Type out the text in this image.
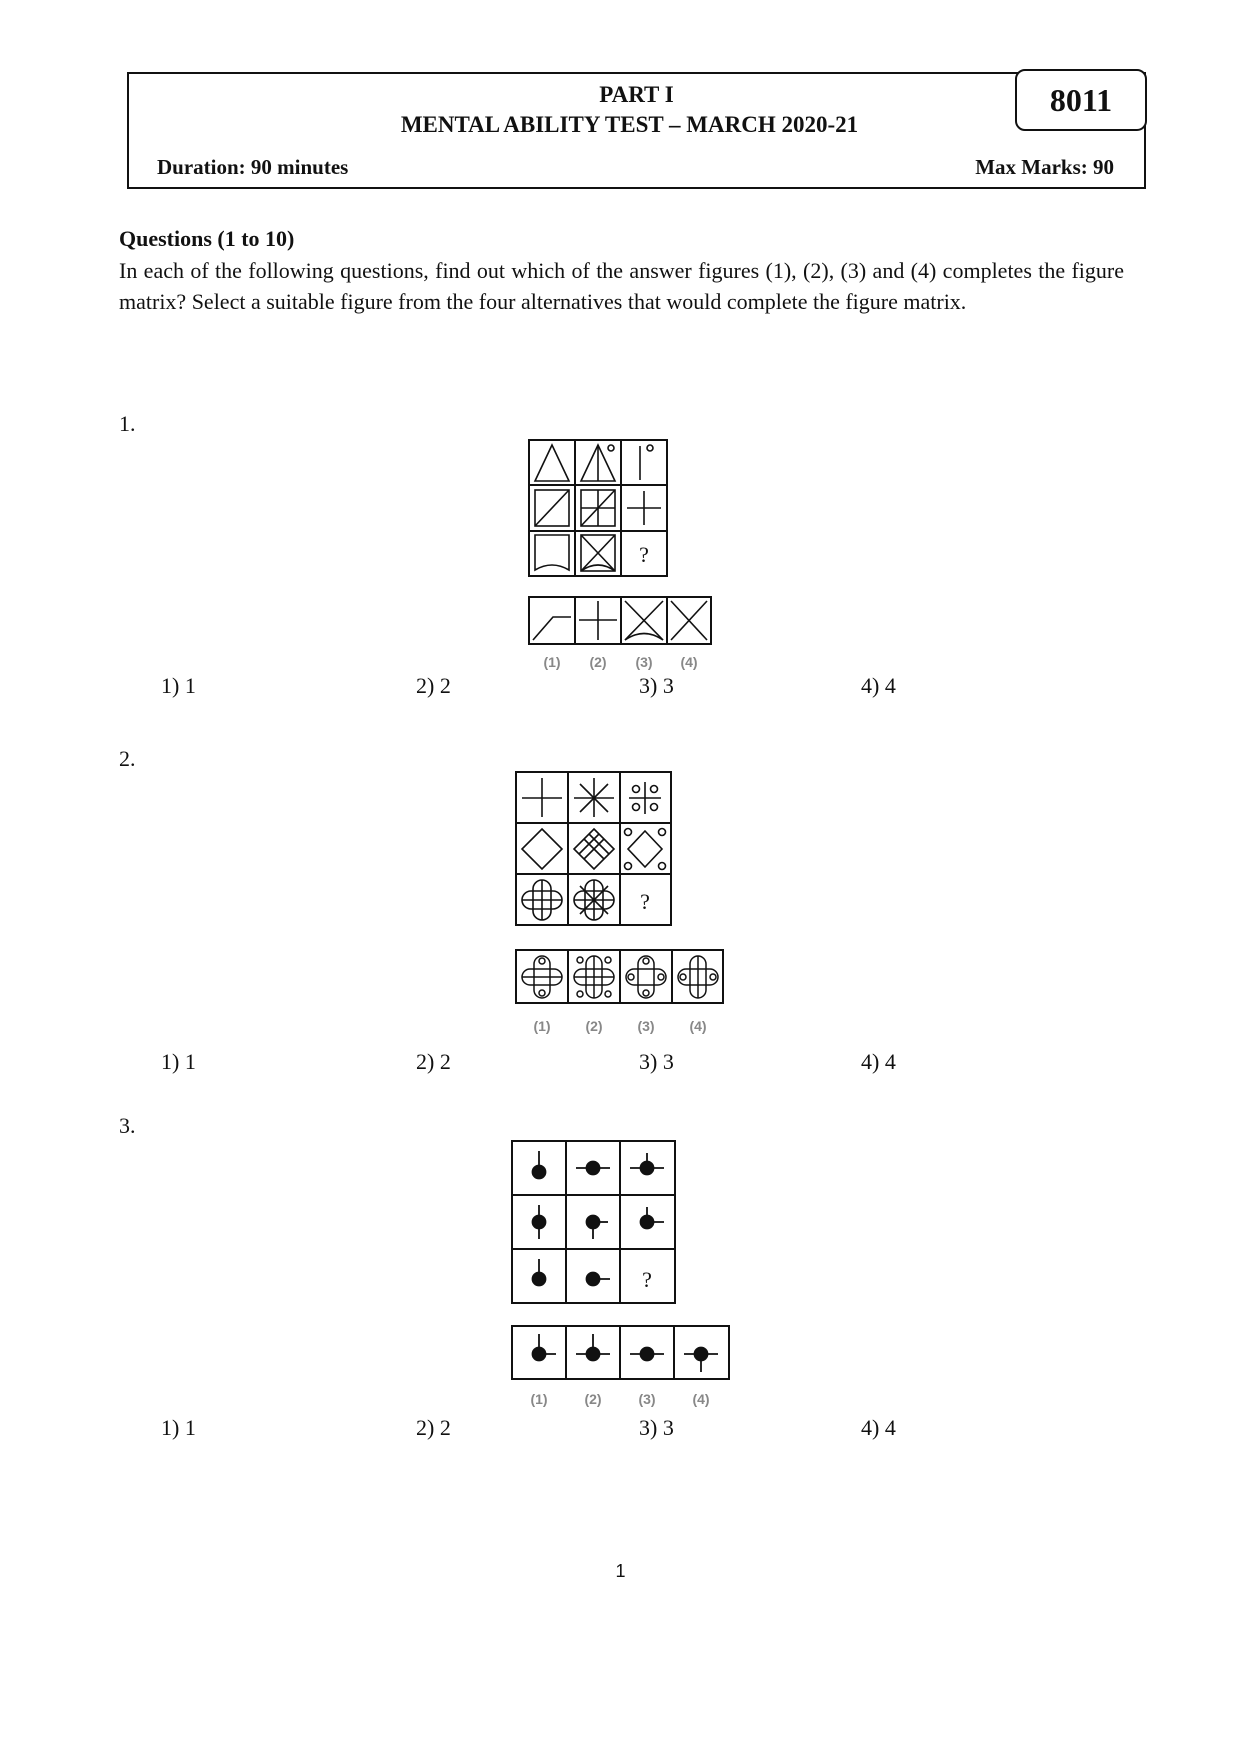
PART I
MENTAL ABILITY TEST – MARCH 2020-21
Duration: 90 minutes	Max Marks: 90
8011
Questions (1 to 10)
In each of the following questions, find out which of the answer figures (1), (2), (3) and (4) completes the figure matrix? Select a suitable figure from the four alternatives that would complete the figure matrix.
1.
?
(1) (2) (3) (4)
1) 1	2) 2	3) 3	4) 4
2.
?
(1) (2) (3) (4)
1) 1	2) 2	3) 3	4) 4
3.
?
(1)	(2)	(3)	(4)
1) 1	2) 2	3) 3	4) 4
1
